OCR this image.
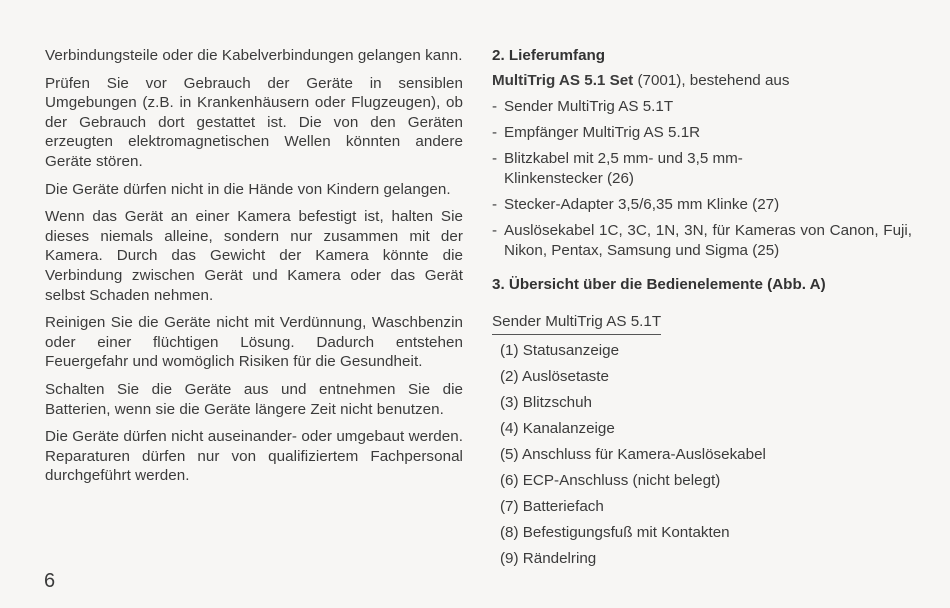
Verbindungsteile oder die Kabelverbindungen gelangen kann.

Prüfen Sie vor Gebrauch der Geräte in sensiblen Umgebungen (z.B. in Krankenhäusern oder Flugzeugen), ob der Gebrauch dort gestattet ist. Die von den Geräten erzeugten elektromagnetischen Wellen könnten andere Geräte stören.

Die Geräte dürfen nicht in die Hände von Kindern gelangen.

Wenn das Gerät an einer Kamera befestigt ist, halten Sie dieses niemals alleine, sondern nur zusammen mit der Kamera. Durch das Gewicht der Kamera könnte die Verbindung zwischen Gerät und Kamera oder das Gerät selbst Schaden nehmen.

Reinigen Sie die Geräte nicht mit Verdünnung, Waschbenzin oder einer flüchtigen Lösung. Dadurch entstehen Feuergefahr und womöglich Risiken für die Gesundheit.

Schalten Sie die Geräte aus und entnehmen Sie die Batterien, wenn sie die Geräte längere Zeit nicht benutzen.

Die Geräte dürfen nicht auseinander- oder umgebaut werden. Reparaturen dürfen nur von qualifiziertem Fachpersonal durchgeführt werden.

6
2. Lieferumfang
MultiTrig AS 5.1 Set (7001), bestehend aus
- Sender MultiTrig AS 5.1T
- Empfänger MultiTrig AS 5.1R
- Blitzkabel mit 2,5 mm- und 3,5 mm-Klinkenstecker (26)
- Stecker-Adapter 3,5/6,35 mm Klinke (27)
- Auslösekabel 1C, 3C, 1N, 3N, für Kameras von Canon, Fuji, Nikon, Pentax, Samsung und Sigma (25)
3. Übersicht über die Bedienelemente (Abb. A)
Sender MultiTrig AS 5.1T
(1) Statusanzeige
(2) Auslösetaste
(3) Blitzschuh
(4) Kanalanzeige
(5) Anschluss für Kamera-Auslösekabel
(6) ECP-Anschluss (nicht belegt)
(7) Batteriefach
(8) Befestigungsfuß mit Kontakten
(9) Rändelring
